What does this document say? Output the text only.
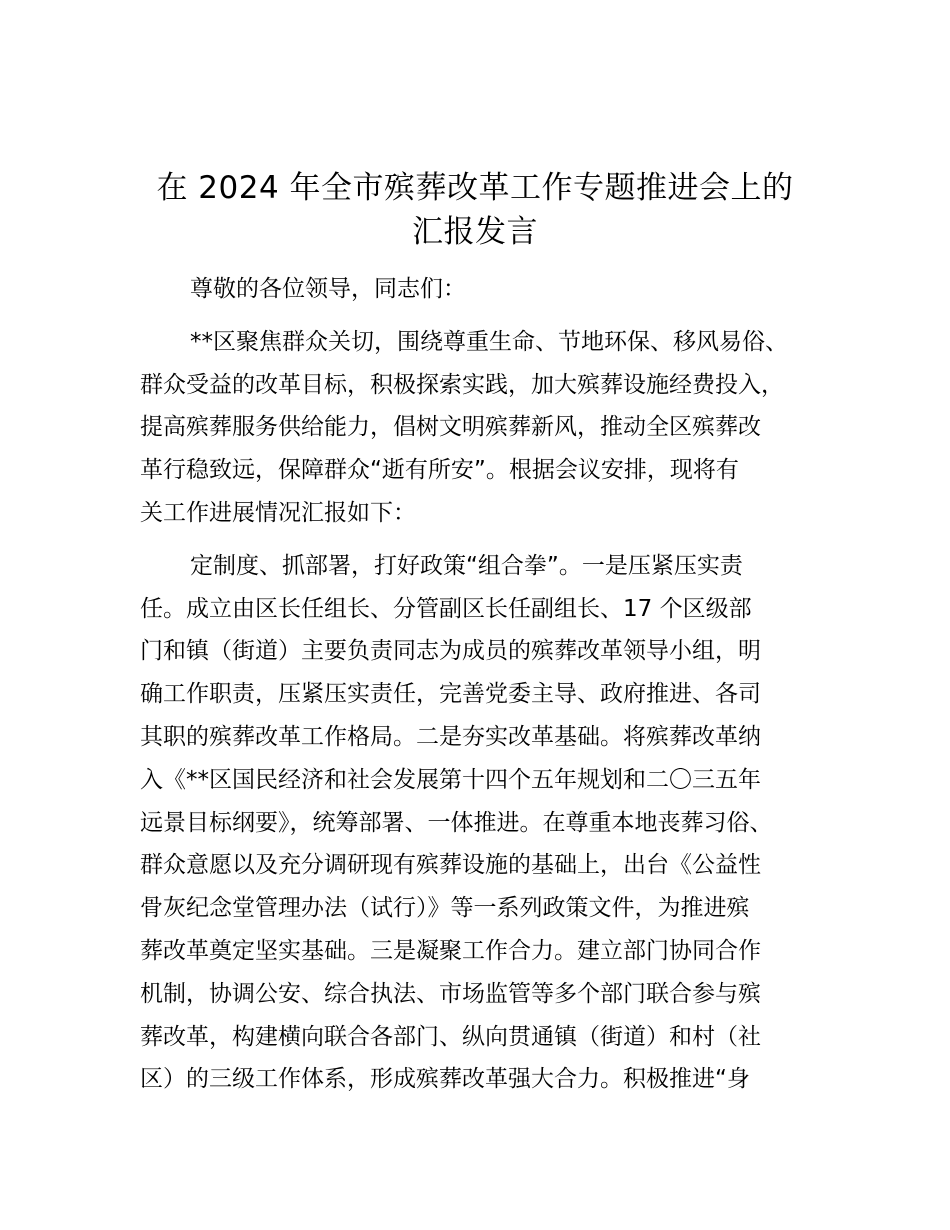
在 2024 年全市殡葬改革工作专题推进会上的
汇报发言
尊敬的各位领导，同志们：
**区聚焦群众关切，围绕尊重生命、节地环保、移风易俗、
群众受益的改革目标，积极探索实践，加大殡葬设施经费投入，
提高殡葬服务供给能力，倡树文明殡葬新风，推动全区殡葬改
革行稳致远，保障群众“逝有所安”。根据会议安排，现将有
关工作进展情况汇报如下：
定制度、抓部署，打好政策“组合拳”。一是压紧压实责
任。成立由区长任组长、分管副区长任副组长、17 个区级部
门和镇（街道）主要负责同志为成员的殡葬改革领导小组，明
确工作职责，压紧压实责任，完善党委主导、政府推进、各司
其职的殡葬改革工作格局。二是夯实改革基础。将殡葬改革纳
入《**区国民经济和社会发展第十四个五年规划和二〇三五年
远景目标纲要》，统筹部署、一体推进。在尊重本地丧葬习俗、
群众意愿以及充分调研现有殡葬设施的基础上，出台《公益性
骨灰纪念堂管理办法（试行）》等一系列政策文件，为推进殡
葬改革奠定坚实基础。三是凝聚工作合力。建立部门协同合作
机制，协调公安、综合执法、市场监管等多个部门联合参与殡
葬改革，构建横向联合各部门、纵向贯通镇（街道）和村（社
区）的三级工作体系，形成殡葬改革强大合力。积极推进“身
